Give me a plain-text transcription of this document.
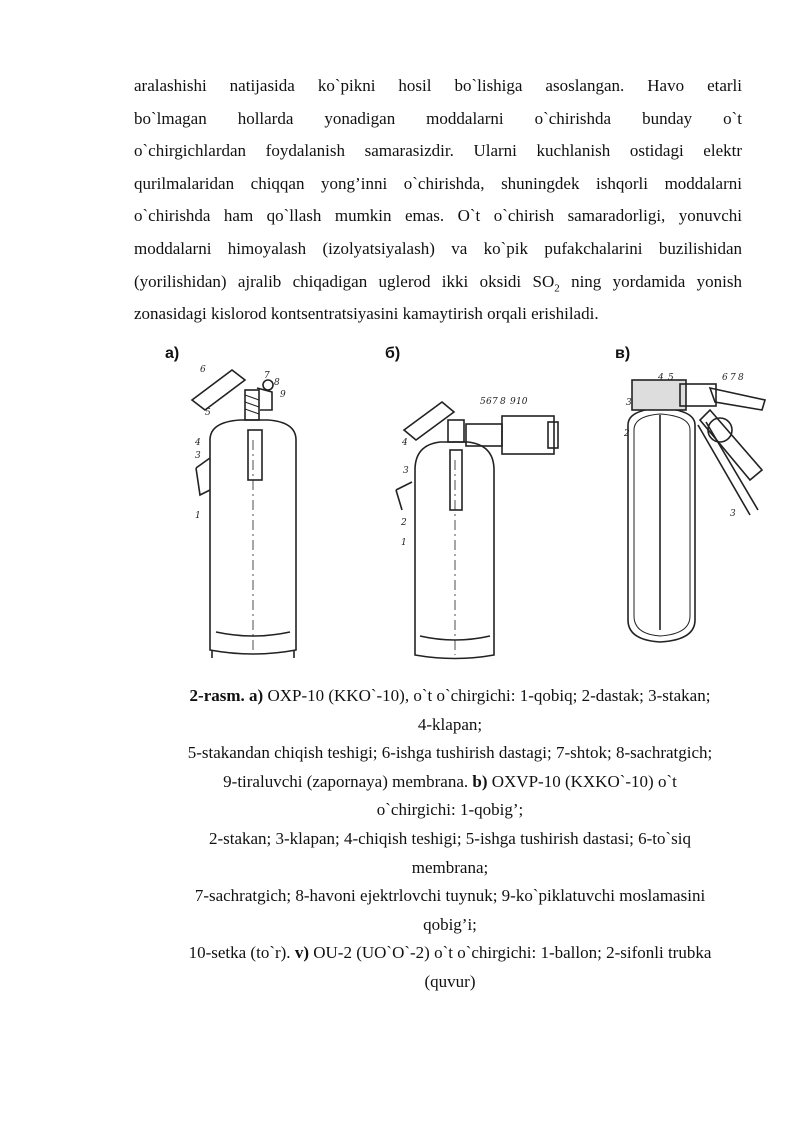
aralashishi natijasida ko`pikni hosil bo`lishiga asoslangan. Havo etarli
bo`lmagan hollarda yonadigan moddalarni o`chirishda bunday o`t
o`chirgichlardan foydalanish samarasizdir. Ularni kuchlanish ostidagi elektr
qurilmalaridan chiqqan yong’inni o`chirishda, shuningdek ishqorli moddalarni
o`chirishda ham qo`llash mumkin emas. O`t o`chirish samaradorligi, yonuvchi
moddalarni himoyalash (izolyatsiyalash) va ko`pik pufakchalarini buzilishidan
(yorilishidan) ajralib chiqadigan uglerod ikki oksidi $SO_2$ ning yordamida yonish
zonasidagi kislorod kontsentratsiyasini kamaytirish orqali erishiladi.
а)	б)	в)
6
7
8
9
5
4
3
1
4
5 6 7 8 9 10
3
2
1
3
4 5	6 7 8
2
3
2-rasm. a) OXP-10 (KKO`-10), o`t o`chirgichi: 1-qobiq; 2-dastak; 3-stakan;
4-klapan;
5-stakandan chiqish teshigi; 6-ishga tushirish dastagi; 7-shtok; 8-sachratgich;
9-tiraluvchi (zapornaya) membrana. b) OXVP-10 (KXKO`-10) o`t
o`chirgichi: 1-qobig’;
2-stakan; 3-klapan; 4-chiqish teshigi; 5-ishga tushirish dastasi; 6-to`siq
membrana;
7-sachratgich; 8-havoni ejektrlovchi tuynuk; 9-ko`piklatuvchi moslamasini
qobig’i;
10-setka (to`r). v) OU-2 (UO`O`-2) o`t o`chirgichi: 1-ballon; 2-sifonli trubka
(quvur)
